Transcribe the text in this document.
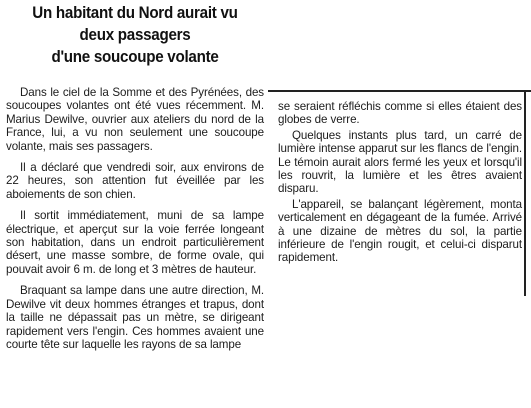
Un habitant du Nord aurait vu
deux passagers
d'une soucoupe volante

Dans le ciel de la Somme et des Pyrénées, des soucoupes volantes ont été vues récemment. M. Marius Dewilve, ouvrier aux ateliers du nord de la France, lui, a vu non seulement une soucoupe volante, mais ses passagers.

Il a déclaré que vendredi soir, aux environs de 22 heures, son attention fut éveillée par les aboiements de son chien.

Il sortit immédiatement, muni de sa lampe électrique, et aperçut sur la voie ferrée longeant son habitation, dans un endroit particulièrement désert, une masse sombre, de forme ovale, qui pouvait avoir 6 m. de long et 3 mètres de hauteur.

Braquant sa lampe dans une autre direction, M. Dewilve vit deux hommes étranges et trapus, dont la taille ne dépassait pas un mètre, se dirigeant rapidement vers l'engin. Ces hommes avaient une courte tête sur laquelle les rayons de sa lampe

se seraient réfléchis comme si elles étaient des globes de verre.

Quelques instants plus tard, un carré de lumière intense apparut sur les flancs de l'engin. Le témoin aurait alors fermé les yeux et lorsqu'il les rouvrit, la lumière et les êtres avaient disparu.

L'appareil, se balançant légèrement, monta verticalement en dégageant de la fumée. Arrivé à une dizaine de mètres du sol, la partie inférieure de l'engin rougit, et celui-ci disparut rapidement.
